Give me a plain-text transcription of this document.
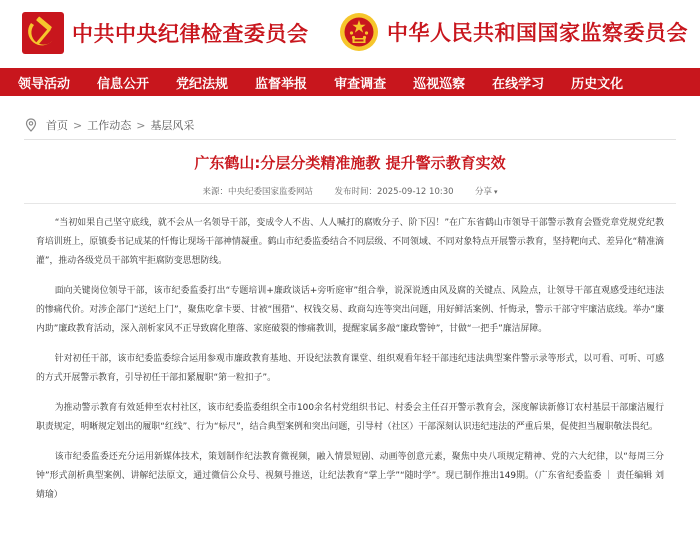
中共中央纪律检查委员会	中华人民共和国国家监察委员会
领导活动 信息公开 党纪法规 监督举报 审查调查 巡视巡察 在线学习 历史文化
首页 > 工作动态 > 基层风采
广东鹤山:分层分类精准施教 提升警示教育实效
来源：中央纪委国家监委网站	发布时间：2025-09-12 10:30	分享 ▾

“当初如果自己坚守底线，就不会从一名领导干部，变成令人不齿、人人喊打的腐败分子、阶下囚！”在广东省鹤山市领导干部警示教育会暨党章党规党纪教育培训班上，原镇委书记成某的忏悔让现场干部神情凝重。鹤山市纪委监委结合不同层级、不同领域、不同对象特点开展警示教育，坚持靶向式、差异化“精准滴灌”，推动各级党员干部筑牢拒腐防变思想防线。

面向关键岗位领导干部，该市纪委监委打出“专题培训+廉政谈话+旁听庭审”组合拳，说深说透由风及腐的关键点、风险点，让领导干部直观感受违纪违法的惨痛代价。对涉企部门“送纪上门”，聚焦吃拿卡要、甘被“围猎”、权钱交易、政商勾连等突出问题，用好鲜活案例、忏悔录，警示干部守牢廉洁底线。举办“廉内助”廉政教育活动，深入剖析家风不正导致腐化堕落、家庭破裂的惨痛教训，提醒家属多敲“廉政警钟”，甘做“一把手”廉洁屏障。

针对初任干部，该市纪委监委综合运用参观市廉政教育基地、开设纪法教育课堂、组织观看年轻干部违纪违法典型案件警示录等形式，以可看、可听、可感的方式开展警示教育，引导初任干部扣紧履职“第一粒扣子”。

为推动警示教育有效延伸至农村社区，该市纪委监委组织全市100余名村党组织书记、村委会主任召开警示教育会，深度解读新修订农村基层干部廉洁履行职责规定，明晰规定划出的履职“红线”、行为“标尺”，结合典型案例和突出问题，引导村（社区）干部深刻认识违纪违法的严重后果，促使担当履职敬法畏纪。

该市纪委监委还充分运用新媒体技术，策划制作纪法教育微视频，融入情景短剧、动画等创意元素，聚焦中央八项规定精神、党的六大纪律，以“每周三分钟”形式剖析典型案例、讲解纪法原文，通过微信公众号、视频号推送，让纪法教育“掌上学”“随时学”。现已制作推出149期。（广东省纪委监委 ｜ 责任编辑 刘婧瑜）
